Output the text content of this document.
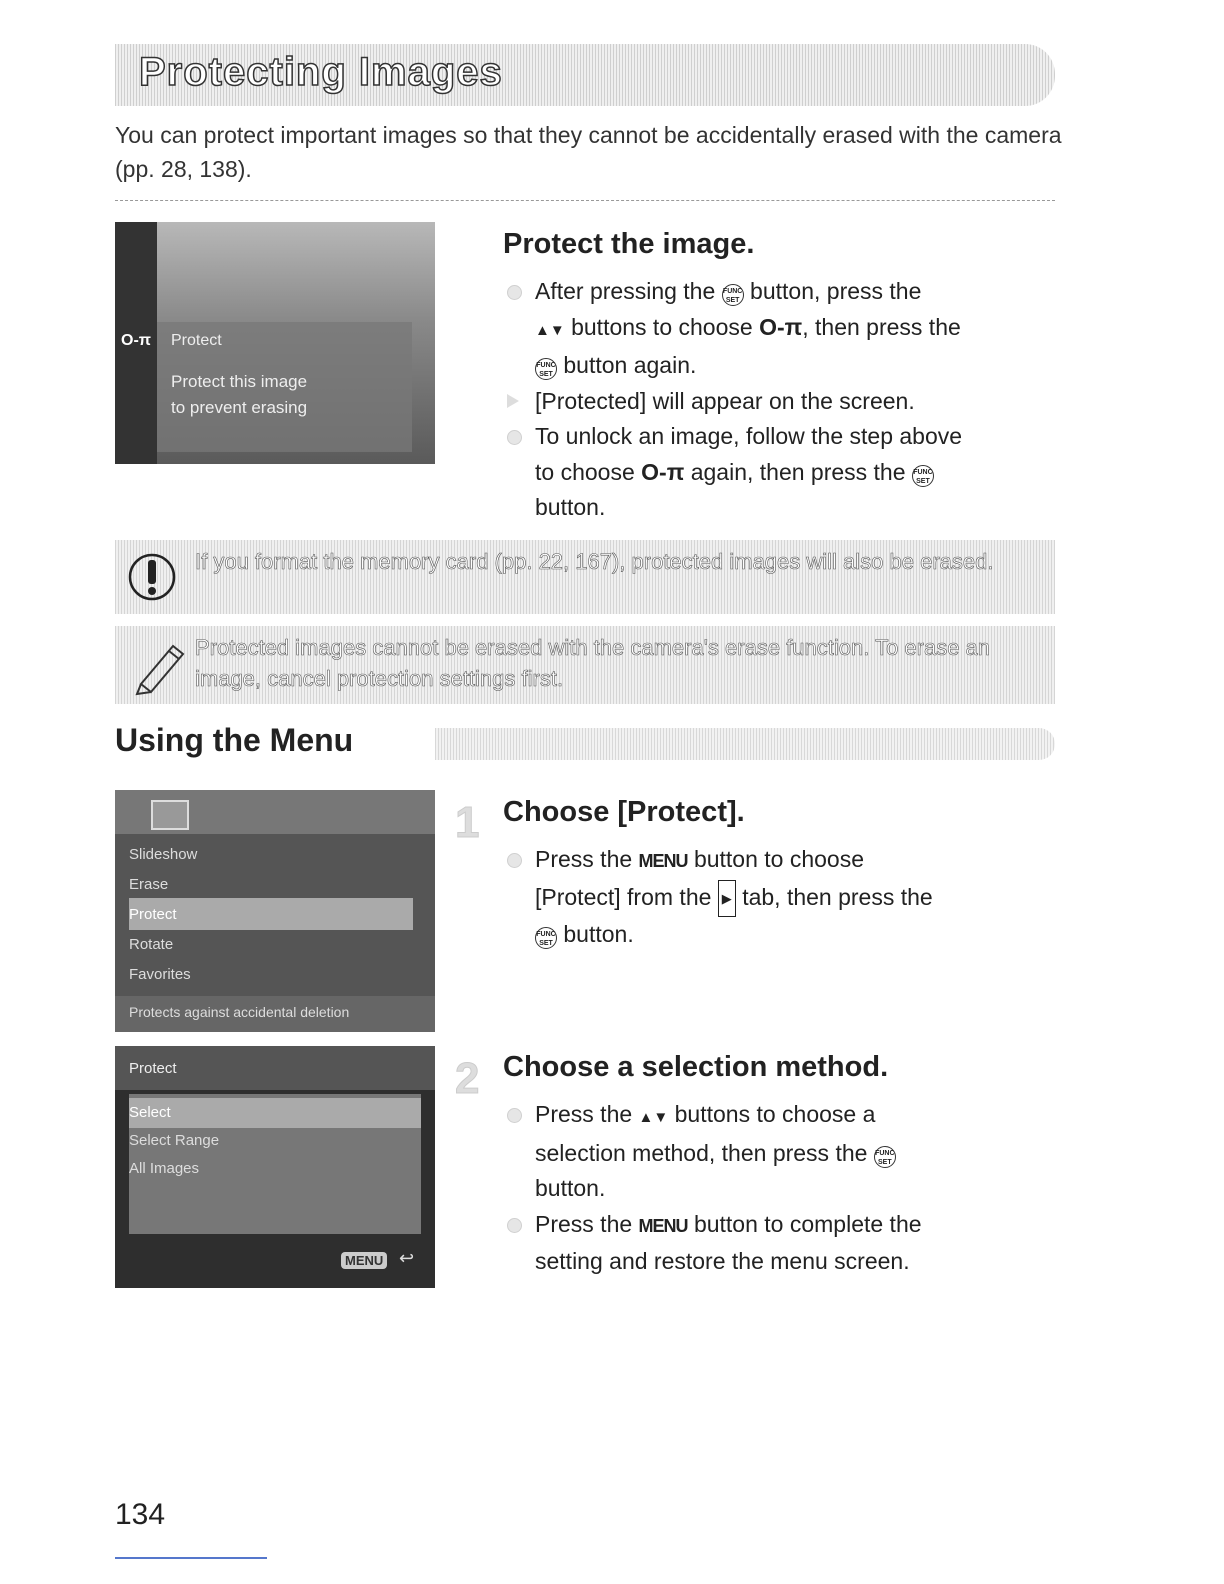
Protecting Images
You can protect important images so that they cannot be accidentally erased with the camera (pp. 28, 138).
O-π Protect
Protect this image
to prevent erasing
Protect the image.
After pressing the FUNC
SET button, press the
▲▼ buttons to choose O-π, then press the
FUNC
SET button again.
[Protected] will appear on the screen.
To unlock an image, follow the step above
to choose O-π again, then press the FUNC
SET
button.
If you format the memory card (pp. 22, 167), protected images will also be erased.
Protected images cannot be erased with the camera's erase function. To erase an image, cancel protection settings first.
Using the Menu
Slideshow
Erase
Protect
Rotate
Favorites
Protects against accidental deletion
1 Choose [Protect].
Press the MENU button to choose
[Protect] from the ▶ tab, then press the
FUNC
SET button.
Protect
Select
Select Range
All Images
MENU ↩
2 Choose a selection method.
Press the ▲▼ buttons to choose a
selection method, then press the FUNC
SET
button.
Press the MENU button to complete the
setting and restore the menu screen.
134
